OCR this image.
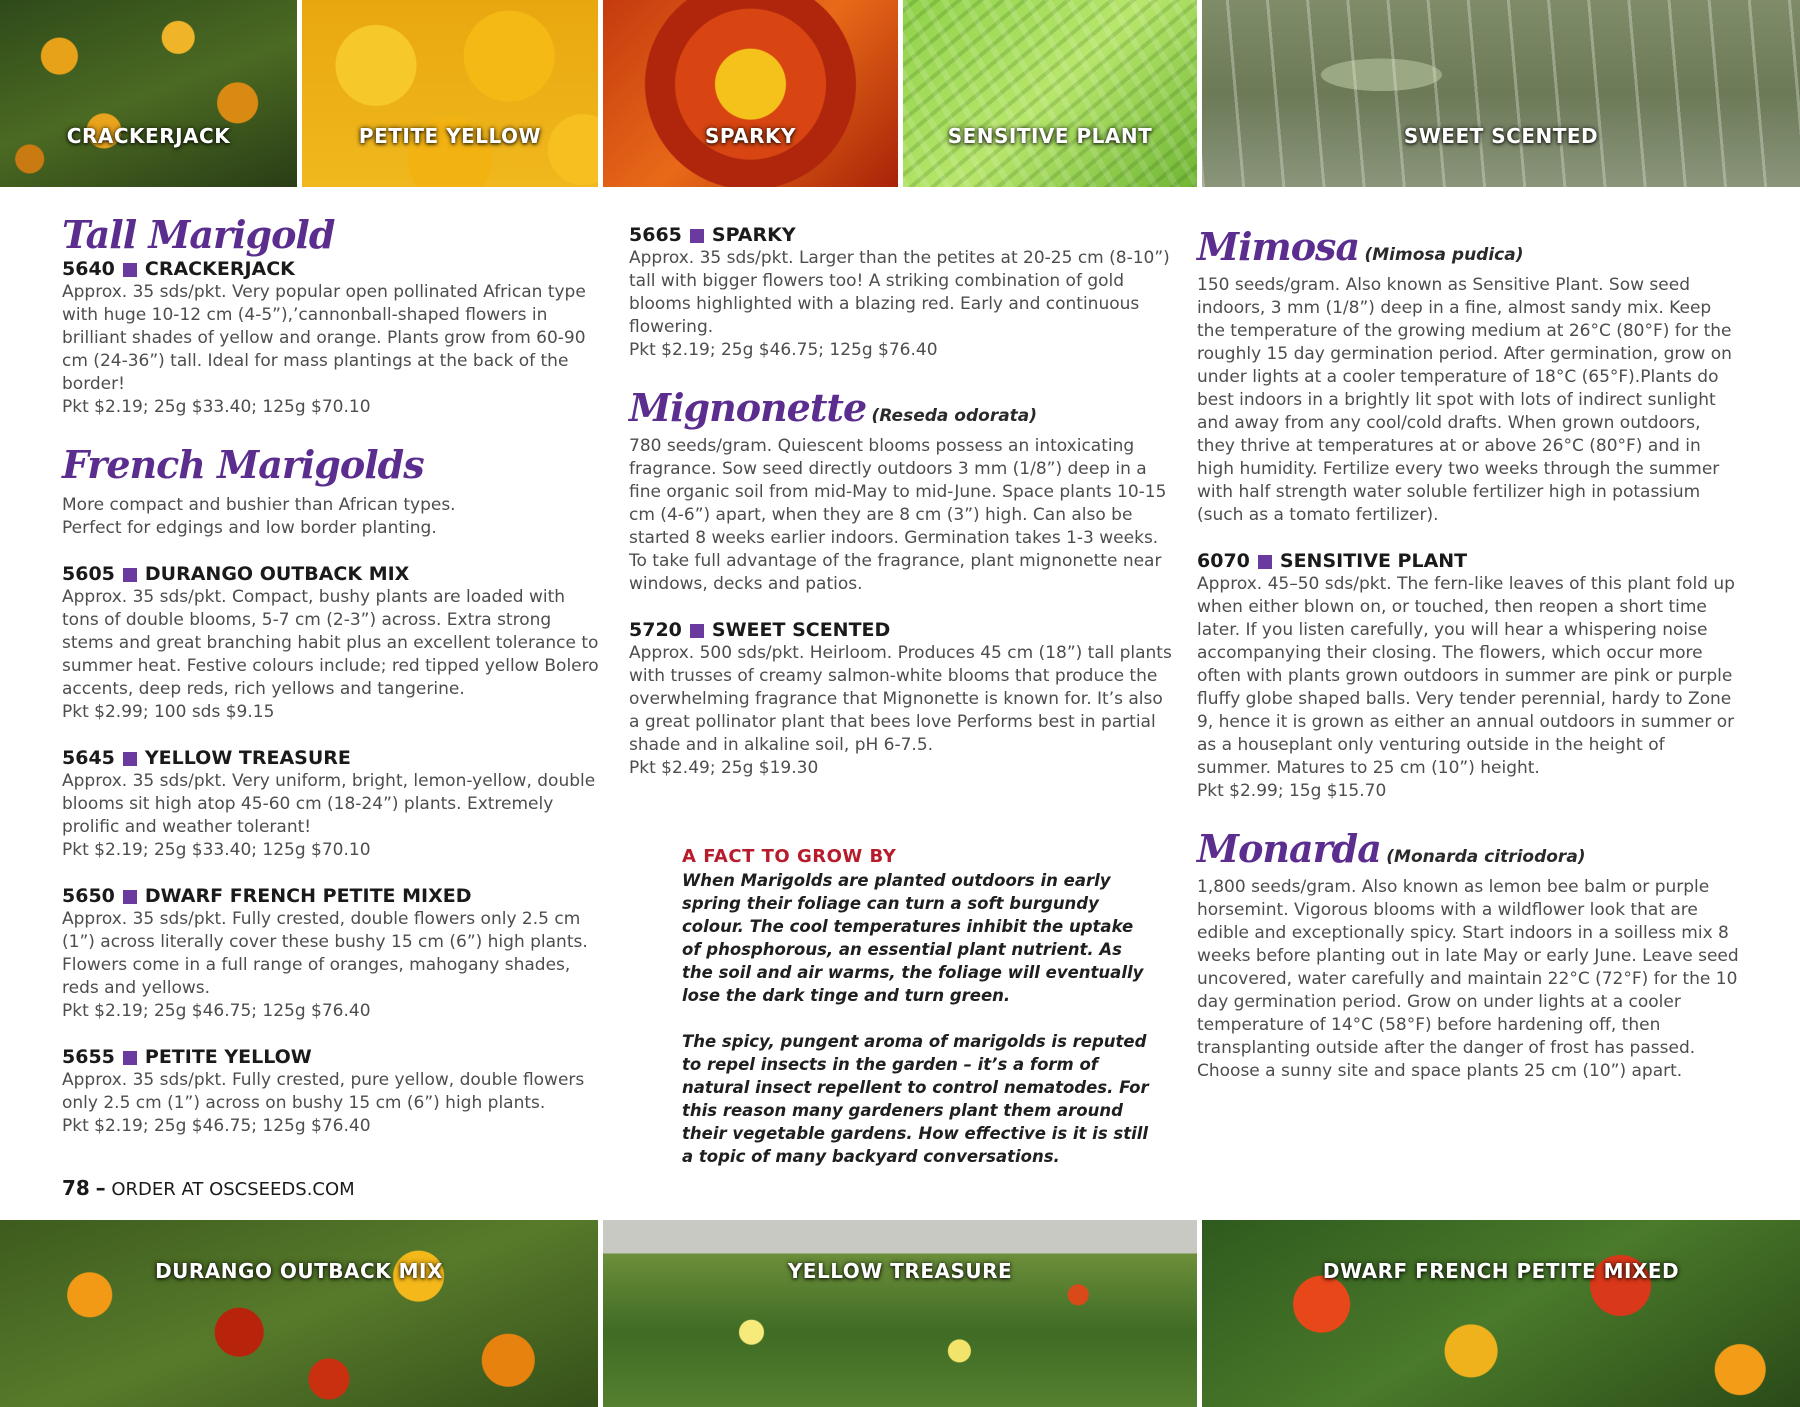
CRACKERJACK	PETITE YELLOW	SPARKY	SENSITIVE PLANT	SWEET SCENTED
Tall Marigold

5640 CRACKERJACK

Approx. 35 sds/pkt. Very popular open pollinated African type with huge 10-12 cm (4-5”),’cannonball-shaped flowers in brilliant shades of yellow and orange. Plants grow from 60-90 cm (24-36”) tall. Ideal for mass plantings at the back of the border!

Pkt $2.19; 25g $33.40; 125g $70.10

French Marigolds

More compact and bushier than African types. Perfect for edgings and low border planting.

5605 DURANGO OUTBACK MIX

Approx. 35 sds/pkt. Compact, bushy plants are loaded with tons of double blooms, 5-7 cm (2-3”) across. Extra strong stems and great branching habit plus an excellent tolerance to summer heat. Festive colours include; red tipped yellow Bolero accents, deep reds, rich yellows and tangerine.

Pkt $2.99; 100 sds $9.15

5645 YELLOW TREASURE

Approx. 35 sds/pkt. Very uniform, bright, lemon-yellow, double blooms sit high atop 45-60 cm (18-24”) plants. Extremely prolific and weather tolerant!

Pkt $2.19; 25g $33.40; 125g $70.10

5650 DWARF FRENCH PETITE MIXED

Approx. 35 sds/pkt. Fully crested, double flowers only 2.5 cm (1”) across literally cover these bushy 15 cm (6”) high plants. Flowers come in a full range of oranges, mahogany shades, reds and yellows.

Pkt $2.19; 25g $46.75; 125g $76.40

5655 PETITE YELLOW

Approx. 35 sds/pkt. Fully crested, pure yellow, double flowers only 2.5 cm (1”) across on bushy 15 cm (6”) high plants.

Pkt $2.19; 25g $46.75; 125g $76.40

5665 SPARKY

Approx. 35 sds/pkt. Larger than the petites at 20-25 cm (8-10”) tall with bigger flowers too! A striking combination of gold blooms highlighted with a blazing red. Early and continuous flowering.

Pkt $2.19; 25g $46.75; 125g $76.40

Mignonette (Reseda odorata)

780 seeds/gram. Quiescent blooms possess an intoxicating fragrance. Sow seed directly outdoors 3 mm (1/8”) deep in a fine organic soil from mid-May to mid-June. Space plants 10-15 cm (4-6”) apart, when they are 8 cm (3”) high. Can also be started 8 weeks earlier indoors. Germination takes 1-3 weeks. To take full advantage of the fragrance, plant mignonette near windows, decks and patios.

5720 SWEET SCENTED

Approx. 500 sds/pkt. Heirloom. Produces 45 cm (18”) tall plants with trusses of creamy salmon-white blooms that produce the overwhelming fragrance that Mignonette is known for. It’s also a great pollinator plant that bees love Performs best in partial shade and in alkaline soil, pH 6-7.5.

Pkt $2.49; 25g $19.30

A FACT TO GROW BY

When Marigolds are planted outdoors in early spring their foliage can turn a soft burgundy colour. The cool temperatures inhibit the uptake of phosphorous, an essential plant nutrient. As the soil and air warms, the foliage will eventually lose the dark tinge and turn green.

The spicy, pungent aroma of marigolds is reputed to repel insects in the garden – it’s a form of natural insect repellent to control nematodes. For this reason many gardeners plant them around their vegetable gardens. How effective is it is still a topic of many backyard conversations.

Mimosa (Mimosa pudica)

150 seeds/gram. Also known as Sensitive Plant. Sow seed indoors, 3 mm (1/8”) deep in a fine, almost sandy mix. Keep the temperature of the growing medium at 26°C (80°F) for the roughly 15 day germination period. After germination, grow on under lights at a cooler temperature of 18°C (65°F).Plants do best indoors in a brightly lit spot with lots of indirect sunlight and away from any cool/cold drafts. When grown outdoors, they thrive at temperatures at or above 26°C (80°F) and in high humidity. Fertilize every two weeks through the summer with half strength water soluble fertilizer high in potassium (such as a tomato fertilizer).

6070 SENSITIVE PLANT

Approx. 45–50 sds/pkt. The fern-like leaves of this plant fold up when either blown on, or touched, then reopen a short time later. If you listen carefully, you will hear a whispering noise accompanying their closing. The flowers, which occur more often with plants grown outdoors in summer are pink or purple fluffy globe shaped balls. Very tender perennial, hardy to Zone 9, hence it is grown as either an annual outdoors in summer or as a houseplant only venturing outside in the height of summer. Matures to 25 cm (10”) height.

Pkt $2.99; 15g $15.70

Monarda (Monarda citriodora)

1,800 seeds/gram. Also known as lemon bee balm or purple horsemint. Vigorous blooms with a wildflower look that are edible and exceptionally spicy. Start indoors in a soilless mix 8 weeks before planting out in late May or early June. Leave seed uncovered, water carefully and maintain 22°C (72°F) for the 10 day germination period. Grow on under lights at a cooler temperature of 14°C (58°F) before hardening off, then transplanting outside after the danger of frost has passed. Choose a sunny site and space plants 25 cm (10”) apart.

78 – ORDER AT OSCSEEDS.COM
DURANGO OUTBACK MIX	YELLOW TREASURE	DWARF FRENCH PETITE MIXED
